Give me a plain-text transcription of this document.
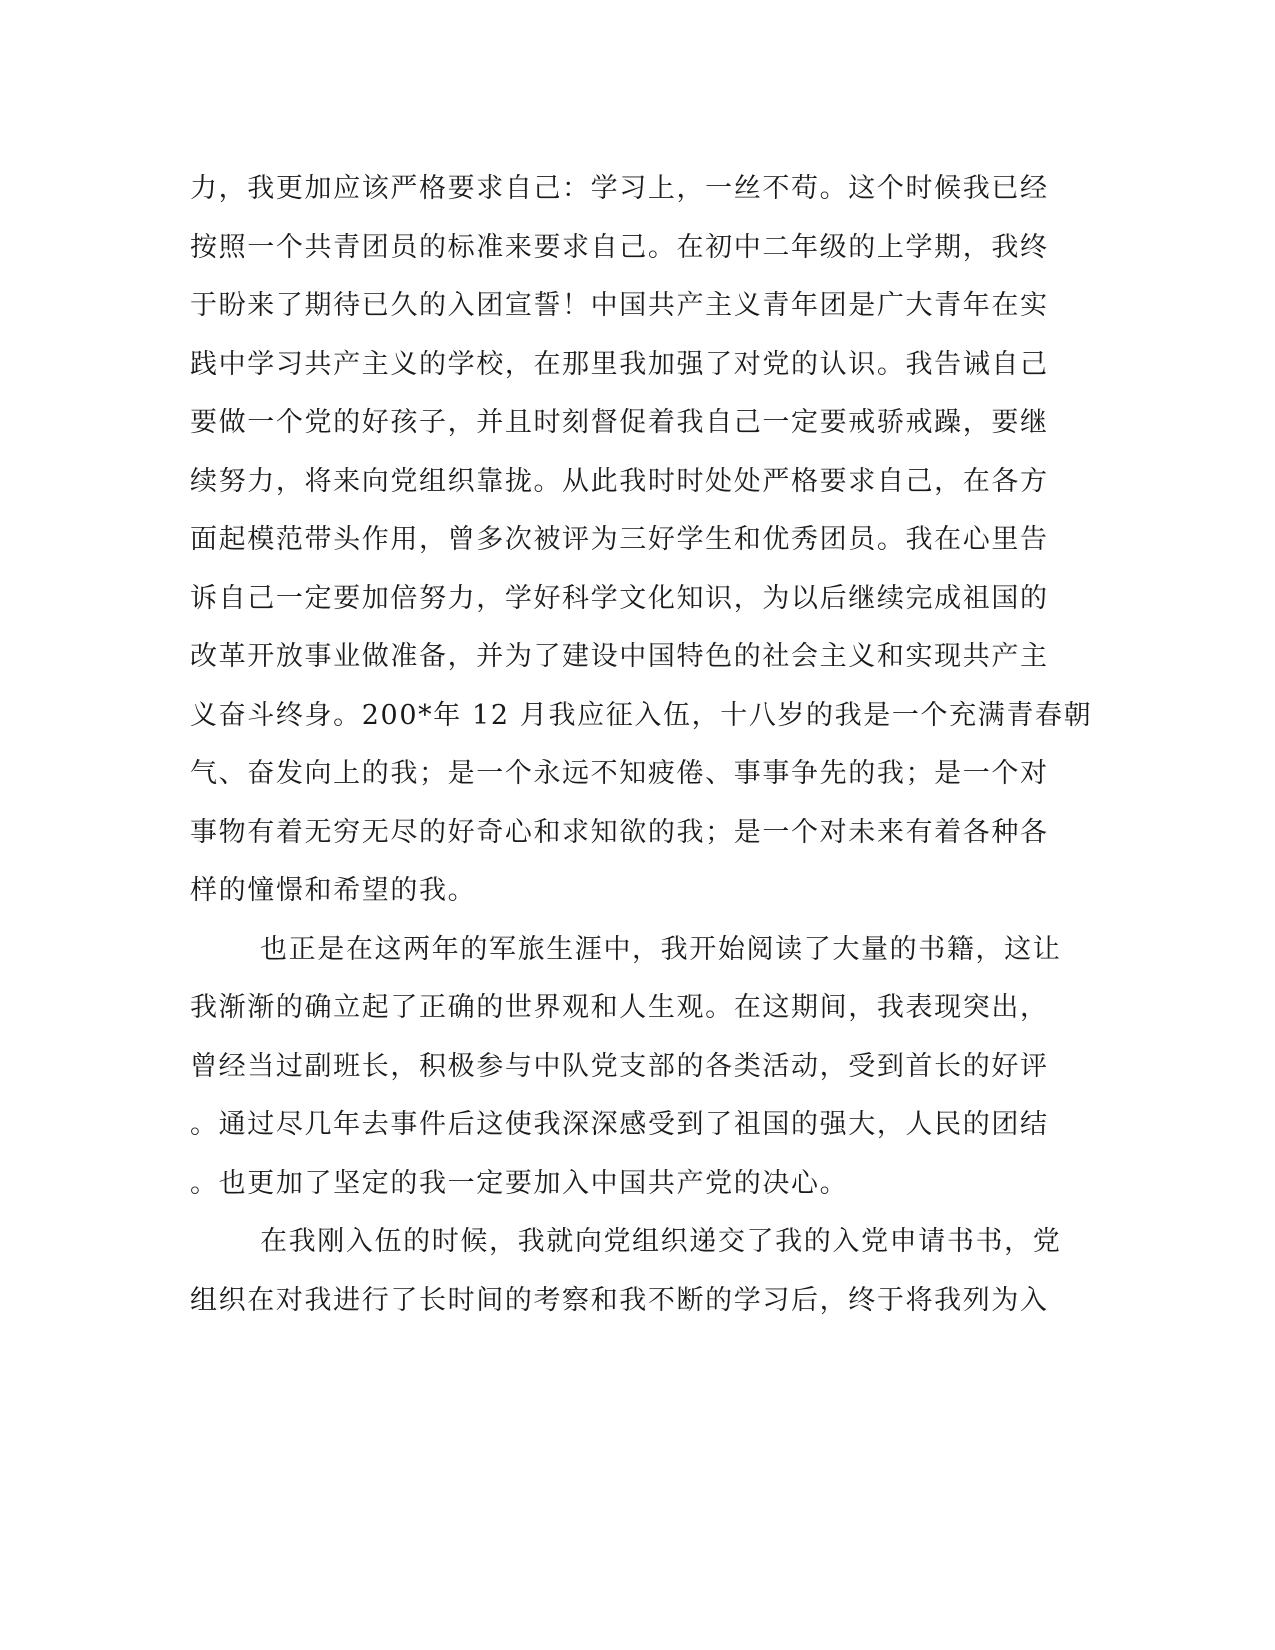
力，我更加应该严格要求自己：学习上，一丝不苟。这个时候我已经
按照一个共青团员的标准来要求自己。在初中二年级的上学期，我终
于盼来了期待已久的入团宣誓！中国共产主义青年团是广大青年在实
践中学习共产主义的学校，在那里我加强了对党的认识。我告诫自己
要做一个党的好孩子，并且时刻督促着我自己一定要戒骄戒躁，要继
续努力，将来向党组织靠拢。从此我时时处处严格要求自己，在各方
面起模范带头作用，曾多次被评为三好学生和优秀团员。我在心里告
诉自己一定要加倍努力，学好科学文化知识，为以后继续完成祖国的
改革开放事业做准备，并为了建设中国特色的社会主义和实现共产主
义奋斗终身。200*年 12 月我应征入伍，十八岁的我是一个充满青春朝
气、奋发向上的我；是一个永远不知疲倦、事事争先的我；是一个对
事物有着无穷无尽的好奇心和求知欲的我；是一个对未来有着各种各
样的憧憬和希望的我。
也正是在这两年的军旅生涯中，我开始阅读了大量的书籍，这让
我渐渐的确立起了正确的世界观和人生观。在这期间，我表现突出，
曾经当过副班长，积极参与中队党支部的各类活动，受到首长的好评
。通过尽几年去事件后这使我深深感受到了祖国的强大，人民的团结
。也更加了坚定的我一定要加入中国共产党的决心。
在我刚入伍的时候，我就向党组织递交了我的入党申请书书，党
组织在对我进行了长时间的考察和我不断的学习后，终于将我列为入
